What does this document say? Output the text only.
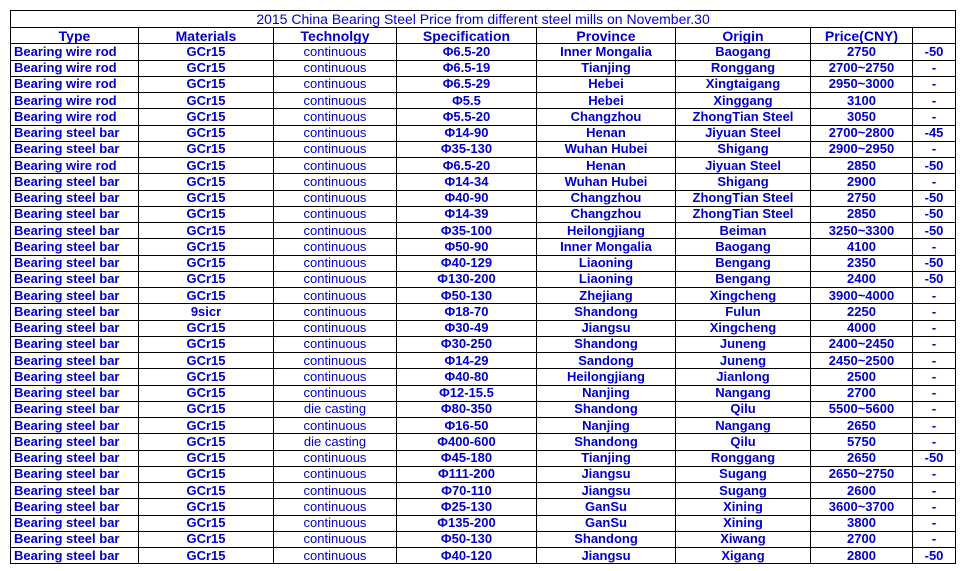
2015 China Bearing Steel Price from different steel mills on November.30							
Type	Materials	Technolgy	Specification	Province	Origin	Price(CNY)	
Bearing wire rod	GCr15	continuous	Φ6.5-20	Inner Mongalia	Baogang	2750	-50
Bearing wire rod	GCr15	continuous	Φ6.5-19	Tianjing	Ronggang	2700~2750	-
Bearing wire rod	GCr15	continuous	Φ6.5-29	Hebei	Xingtaigang	2950~3000	-
Bearing wire rod	GCr15	continuous	Φ5.5	Hebei	Xinggang	3100	-
Bearing wire rod	GCr15	continuous	Φ5.5-20	Changzhou	ZhongTian Steel	3050	-
Bearing steel bar	GCr15	continuous	Φ14-90	Henan	Jiyuan Steel	2700~2800	-45
Bearing steel bar	GCr15	continuous	Φ35-130	Wuhan Hubei	Shigang	2900~2950	-
Bearing wire rod	GCr15	continuous	Φ6.5-20	Henan	Jiyuan Steel	2850	-50
Bearing steel bar	GCr15	continuous	Φ14-34	Wuhan Hubei	Shigang	2900	-
Bearing steel bar	GCr15	continuous	Φ40-90	Changzhou	ZhongTian Steel	2750	-50
Bearing steel bar	GCr15	continuous	Φ14-39	Changzhou	ZhongTian Steel	2850	-50
Bearing steel bar	GCr15	continuous	Φ35-100	Heilongjiang	Beiman	3250~3300	-50
Bearing steel bar	GCr15	continuous	Φ50-90	Inner Mongalia	Baogang	4100	-
Bearing steel bar	GCr15	continuous	Φ40-129	Liaoning	Bengang	2350	-50
Bearing steel bar	GCr15	continuous	Φ130-200	Liaoning	Bengang	2400	-50
Bearing steel bar	GCr15	continuous	Φ50-130	Zhejiang	Xingcheng	3900~4000	-
Bearing steel bar	9sicr	continuous	Φ18-70	Shandong	Fulun	2250	-
Bearing steel bar	GCr15	continuous	Φ30-49	Jiangsu	Xingcheng	4000	-
Bearing steel bar	GCr15	continuous	Φ30-250	Shandong	Juneng	2400~2450	-
Bearing steel bar	GCr15	continuous	Φ14-29	Sandong	Juneng	2450~2500	-
Bearing steel bar	GCr15	continuous	Φ40-80	Heilongjiang	Jianlong	2500	-
Bearing steel bar	GCr15	continuous	Φ12-15.5	Nanjing	Nangang	2700	-
Bearing steel bar	GCr15	die casting	Φ80-350	Shandong	Qilu	5500~5600	-
Bearing steel bar	GCr15	continuous	Φ16-50	Nanjing	Nangang	2650	-
Bearing steel bar	GCr15	die casting	Φ400-600	Shandong	Qilu	5750	-
Bearing steel bar	GCr15	continuous	Φ45-180	Tianjing	Ronggang	2650	-50
Bearing steel bar	GCr15	continuous	Φ111-200	Jiangsu	Sugang	2650~2750	-
Bearing steel bar	GCr15	continuous	Φ70-110	Jiangsu	Sugang	2600	-
Bearing steel bar	GCr15	continuous	Φ25-130	GanSu	Xining	3600~3700	-
Bearing steel bar	GCr15	continuous	Φ135-200	GanSu	Xining	3800	-
Bearing steel bar	GCr15	continuous	Φ50-130	Shandong	Xiwang	2700	-
Bearing steel bar	GCr15	continuous	Φ40-120	Jiangsu	Xigang	2800	-50
